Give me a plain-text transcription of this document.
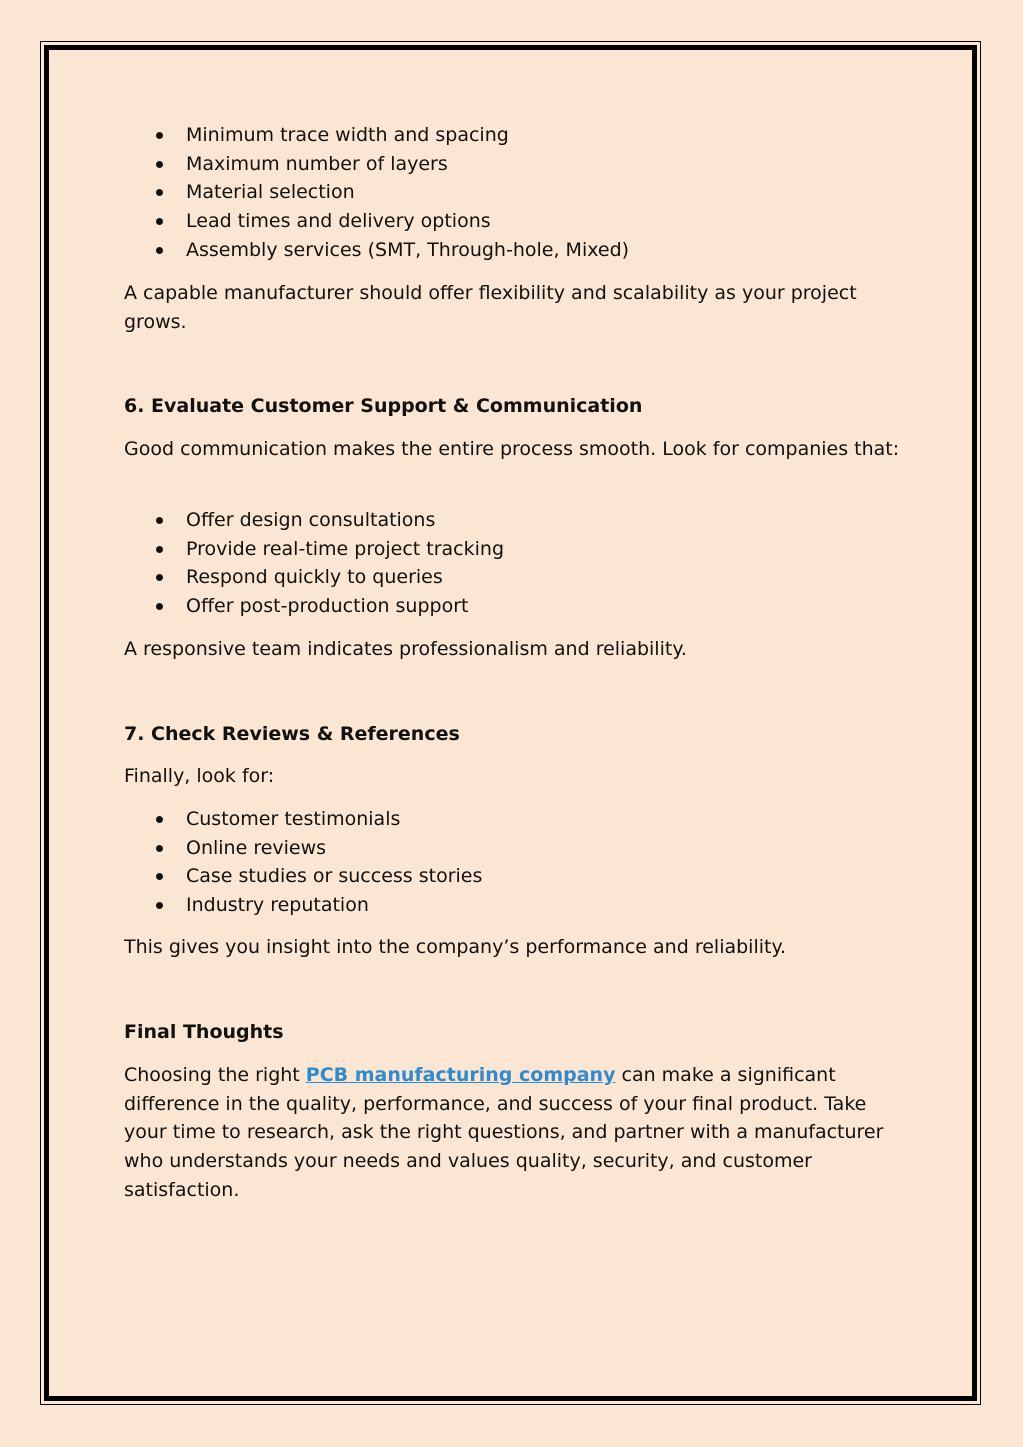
Minimum trace width and spacing
Maximum number of layers
Material selection
Lead times and delivery options
Assembly services (SMT, Through-hole, Mixed)

A capable manufacturer should offer flexibility and scalability as your project grows.

6. Evaluate Customer Support & Communication

Good communication makes the entire process smooth. Look for companies that:

Offer design consultations
Provide real-time project tracking
Respond quickly to queries
Offer post-production support

A responsive team indicates professionalism and reliability.

7. Check Reviews & References

Finally, look for:

Customer testimonials
Online reviews
Case studies or success stories
Industry reputation

This gives you insight into the company’s performance and reliability.

Final Thoughts

Choosing the right PCB manufacturing company can make a significant difference in the quality, performance, and success of your final product. Take your time to research, ask the right questions, and partner with a manufacturer who understands your needs and values quality, security, and customer satisfaction.
